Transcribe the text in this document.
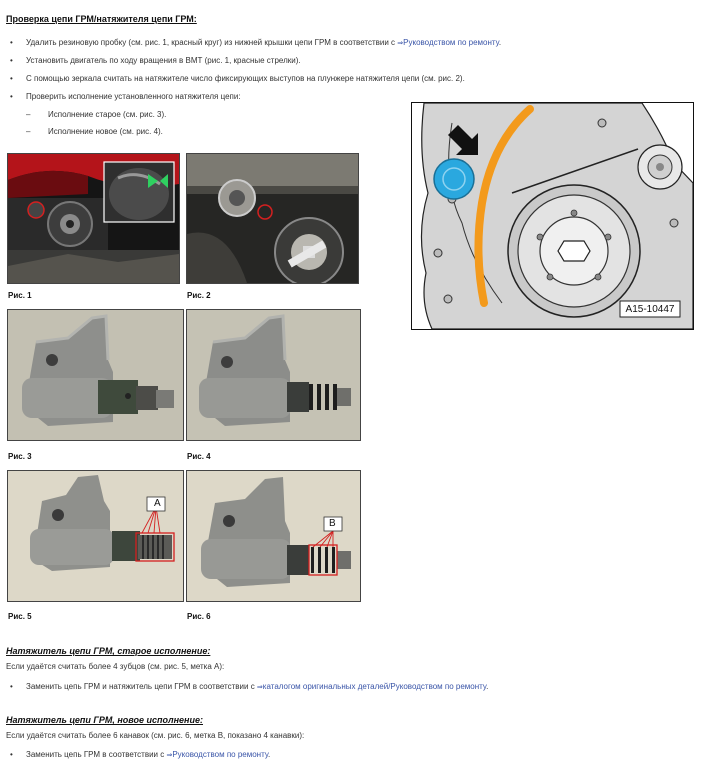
Проверка цепи ГРМ/натяжителя цепи ГРМ:
• Удалить резиновую пробку (см. рис. 1, красный круг) из нижней крышки цепи ГРМ в соответствии с ⇒ Руководством по ремонту.
• Установить двигатель по ходу вращения в ВМТ (рис. 1, красные стрелки).
• С помощью зеркала считать на натяжителе число фиксирующих выступов на плунжере натяжителя цепи (см. рис. 2).
• Проверить исполнение установленного натяжителя цепи:
– Исполнение старое (см. рис. 3).
– Исполнение новое (см. рис. 4).
Рис. 1	Рис. 2
Рис. 3	Рис. 4
A
Рис. 5
B
Рис. 6
A15-10447
Натяжитель цепи ГРМ, старое исполнение:
Если удаётся считать более 4 зубцов (см. рис. 5, метка A):
• Заменить цепь ГРМ и натяжитель цепи ГРМ в соответствии с ⇒ каталогом оригинальных деталей/Руководством по ремонту.
Натяжитель цепи ГРМ, новое исполнение:
Если удаётся считать более 6 канавок (см. рис. 6, метка B, показано 4 канавки):
• Заменить цепь ГРМ в соответствии с ⇒ Руководством по ремонту.
